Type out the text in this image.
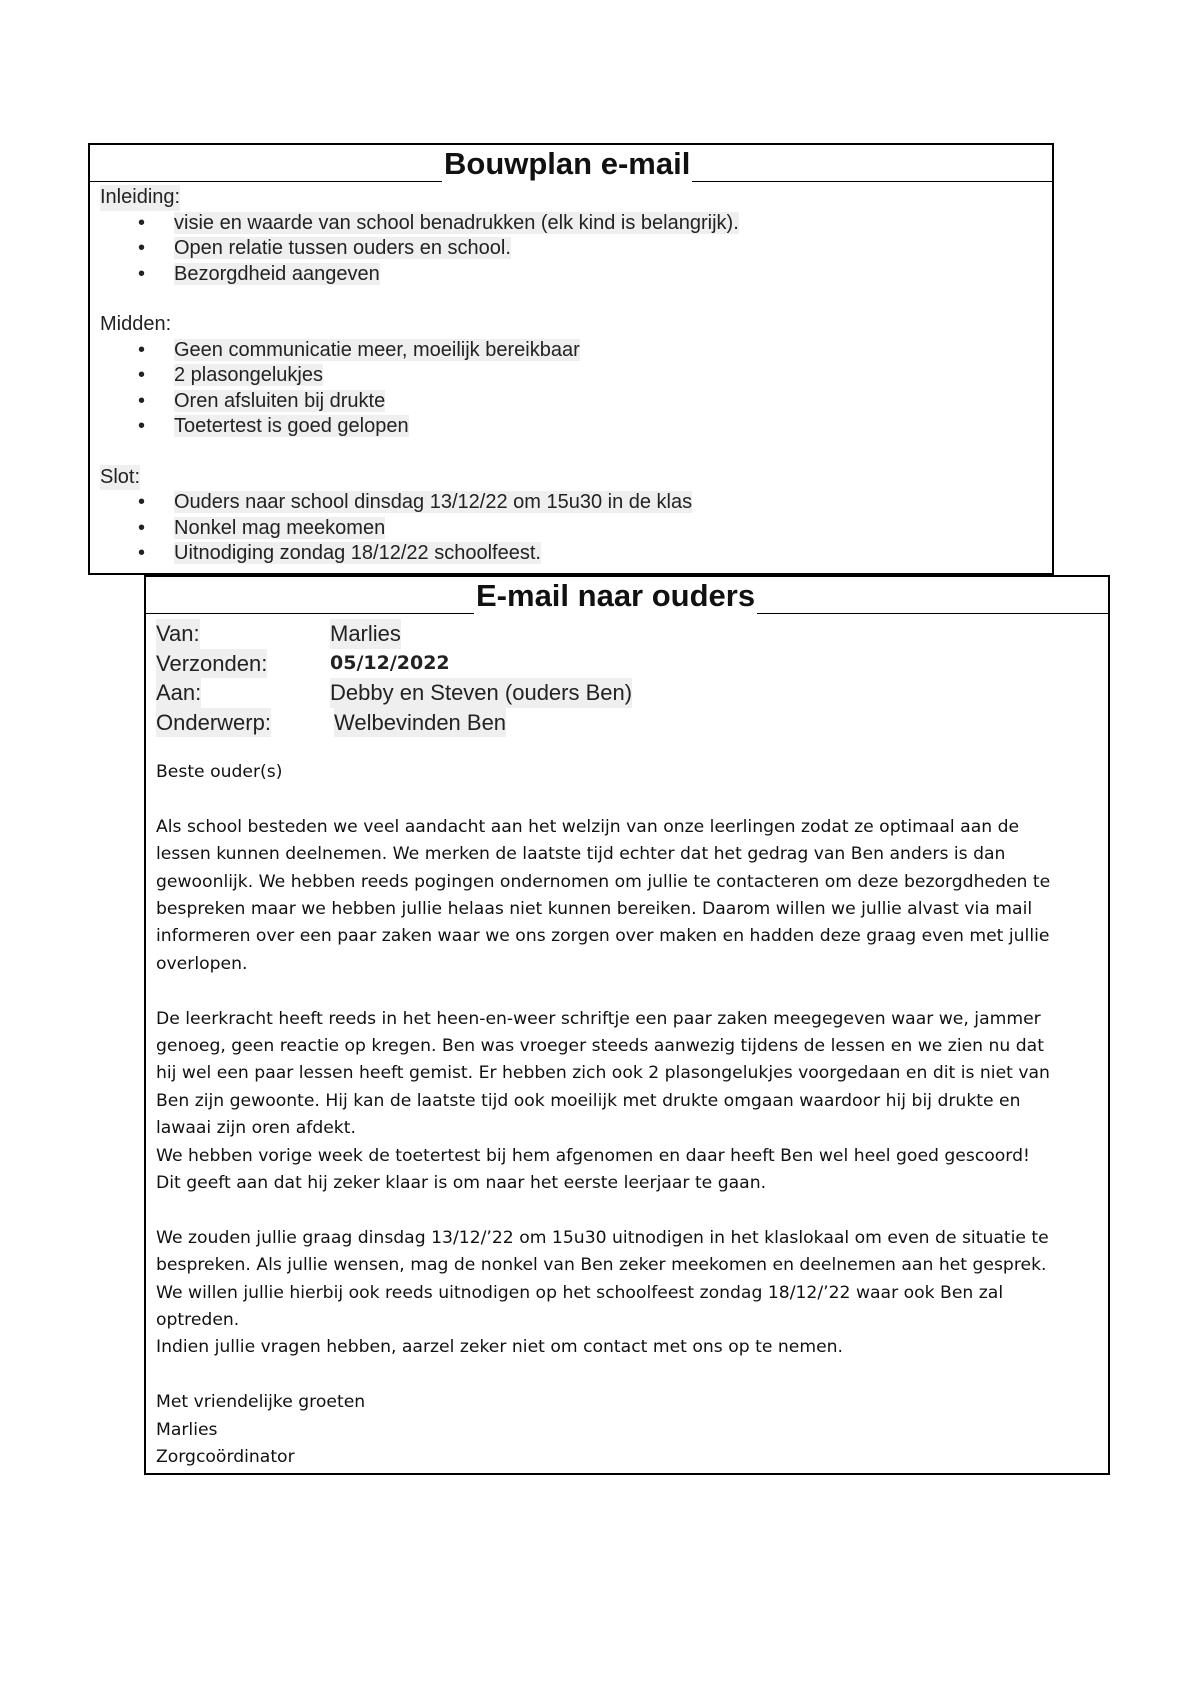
Bouwplan e-mail
Inleiding:
• visie en waarde van school benadrukken (elk kind is belangrijk).
• Open relatie tussen ouders en school.
• Bezorgdheid aangeven
Midden:
• Geen communicatie meer, moeilijk bereikbaar
• 2 plasongelukjes
• Oren afsluiten bij drukte
• Toetertest is goed gelopen
Slot:
• Ouders naar school dinsdag 13/12/22 om 15u30 in de klas
• Nonkel mag meekomen
• Uitnodiging zondag 18/12/22 schoolfeest.
E-mail naar ouders
Van:	Marlies
Verzonden:	05/12/2022
Aan:	Debby en Steven (ouders Ben)
Onderwerp:	Welbevinden Ben

Beste ouder(s)

Als school besteden we veel aandacht aan het welzijn van onze leerlingen zodat ze optimaal aan de
lessen kunnen deelnemen. We merken de laatste tijd echter dat het gedrag van Ben anders is dan
gewoonlijk. We hebben reeds pogingen ondernomen om jullie te contacteren om deze bezorgdheden te
bespreken maar we hebben jullie helaas niet kunnen bereiken. Daarom willen we jullie alvast via mail
informeren over een paar zaken waar we ons zorgen over maken en hadden deze graag even met jullie
overlopen.

De leerkracht heeft reeds in het heen-en-weer schriftje een paar zaken meegegeven waar we, jammer
genoeg, geen reactie op kregen. Ben was vroeger steeds aanwezig tijdens de lessen en we zien nu dat
hij wel een paar lessen heeft gemist. Er hebben zich ook 2 plasongelukjes voorgedaan en dit is niet van
Ben zijn gewoonte. Hij kan de laatste tijd ook moeilijk met drukte omgaan waardoor hij bij drukte en
lawaai zijn oren afdekt.
We hebben vorige week de toetertest bij hem afgenomen en daar heeft Ben wel heel goed gescoord!
Dit geeft aan dat hij zeker klaar is om naar het eerste leerjaar te gaan.

We zouden jullie graag dinsdag 13/12/’22 om 15u30 uitnodigen in het klaslokaal om even de situatie te
bespreken. Als jullie wensen, mag de nonkel van Ben zeker meekomen en deelnemen aan het gesprek.
We willen jullie hierbij ook reeds uitnodigen op het schoolfeest zondag 18/12/’22 waar ook Ben zal
optreden.
Indien jullie vragen hebben, aarzel zeker niet om contact met ons op te nemen.

Met vriendelijke groeten
Marlies
Zorgcoördinator
